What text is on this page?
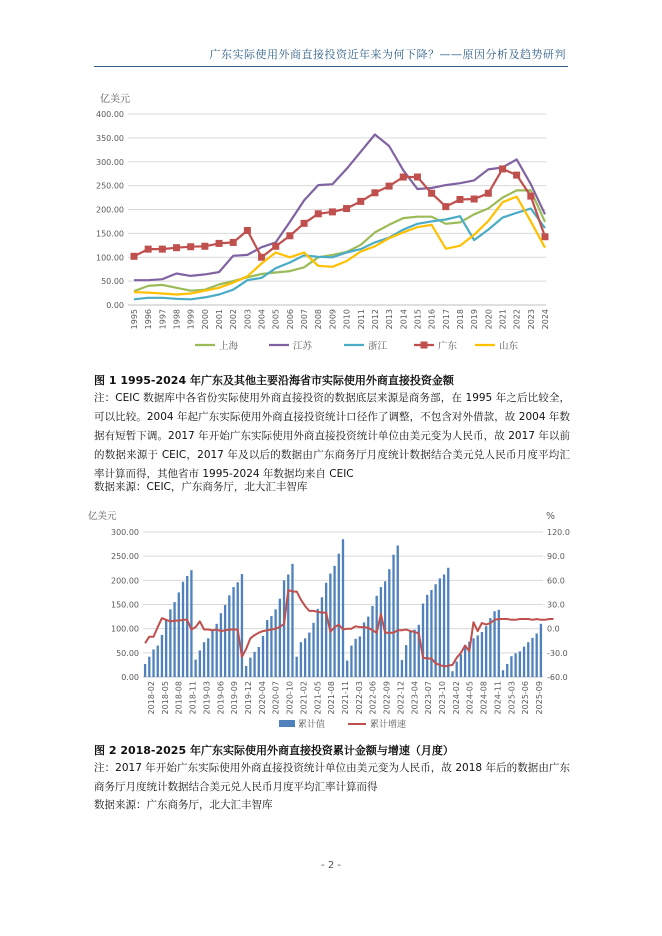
广东实际使用外商直接投资近年来为何下降？——原因分析及趋势研判
亿美元
0.00
50.00
100.00
150.00
200.00
250.00
300.00
350.00
400.00
1995 1996 1997 1998 1999 2000 2001 2002 2003 2004 2005 2006 2007 2008 2009 2010 2011 2012 2013 2014 2015 2016 2017 2018 2019 2020 2021 2022 2023 2024
上海	江苏	浙江	广东	山东
图 1 1995-2024 年广东及其他主要沿海省市实际使用外商直接投资金额
注：CEIC 数据库中各省份实际使用外商直接投资的数据底层来源是商务部，在 1995 年之后比较全，可以比较。2004 年起广东实际使用外商直接投资统计口径作了调整，不包含对外借款，故 2004 年数据有短暂下调。2017 年开始广东实际使用外商直接投资统计单位由美元变为人民币，故 2017 年以前的数据来源于 CEIC，2017 年及以后的数据由广东商务厅月度统计数据结合美元兑人民币月度平均汇率计算而得，其他省市 1995-2024 年数据均来自 CEIC
数据来源：CEIC，广东商务厅，北大汇丰智库
亿美元	%
0.00
50.00
100.00
150.00
200.00
250.00
300.00
-60.0
-30.0
0.0
30.0
60.0
90.0
120.0
2018-02 2018-05 2018-08 2018-11 2019-03 2019-06 2019-09 2019-12 2020-04 2020-07 2020-10 2021-02 2021-05 2021-08 2021-11 2022-03 2022-06 2022-09 2022-12 2023-04 2023-07 2023-10 2024-02 2024-05 2024-08 2024-11 2025-03 2025-06 2025-09
累计值	累计增速
图 2 2018-2025 年广东实际使用外商直接投资累计金额与增速（月度）
注：2017 年开始广东实际使用外商直接投资统计单位由美元变为人民币，故 2018 年后的数据由广东商务厅月度统计数据结合美元兑人民币月度平均汇率计算而得
数据来源：广东商务厅，北大汇丰智库
- 2 -
